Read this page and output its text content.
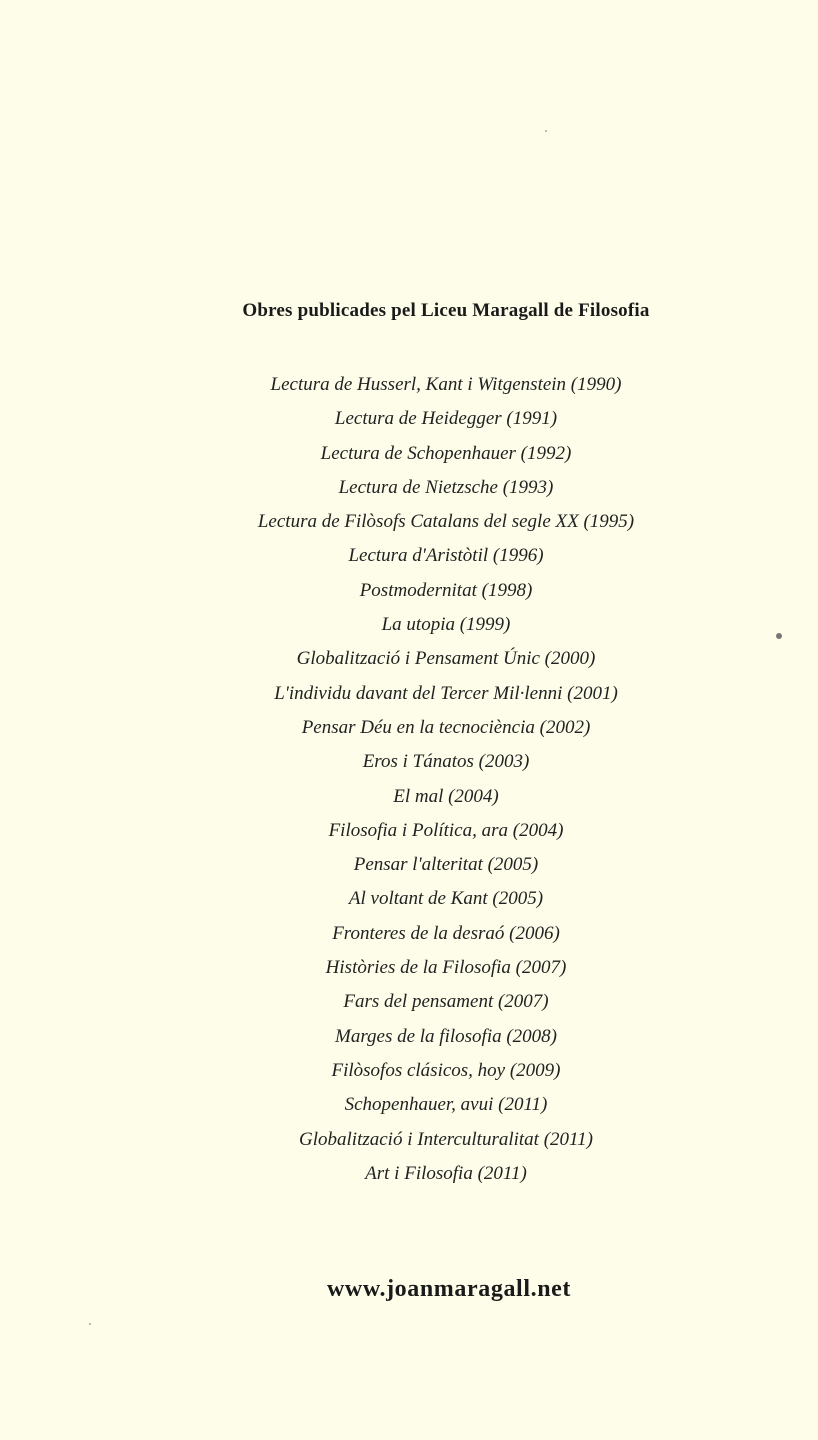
Obres publicades pel Liceu Maragall de Filosofia
Lectura de Husserl, Kant i Witgenstein (1990)
Lectura de Heidegger (1991)
Lectura de Schopenhauer (1992)
Lectura de Nietzsche (1993)
Lectura de Filòsofs Catalans del segle XX (1995)
Lectura d'Aristòtil (1996)
Postmodernitat (1998)
La utopia (1999)
Globalització i Pensament Únic (2000)
L'individu davant del Tercer Mil·lenni (2001)
Pensar Déu en la tecnociència (2002)
Eros i Tánatos (2003)
El mal (2004)
Filosofia i Política, ara (2004)
Pensar l'alteritat (2005)
Al voltant de Kant (2005)
Fronteres de la desraó (2006)
Històries de la Filosofia (2007)
Fars del pensament (2007)
Marges de la filosofia (2008)
Filòsofos clásicos, hoy (2009)
Schopenhauer, avui (2011)
Globalització i Interculturalitat (2011)
Art i Filosofia (2011)

www.joanmaragall.net
